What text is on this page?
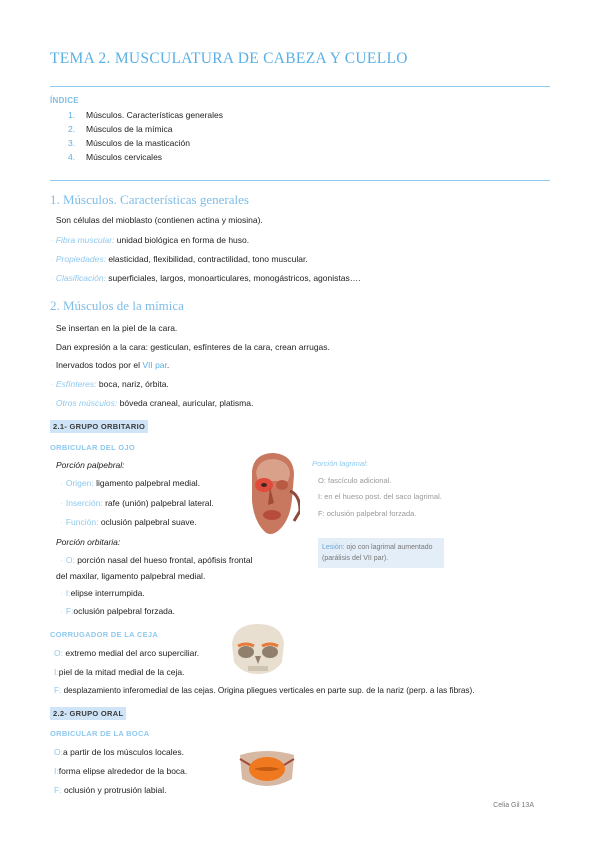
TEMA 2. MUSCULATURA DE CABEZA Y CUELLO
ÍNDICE
1. Músculos. Características generales
2. Músculos de la mímica
3. Músculos de la masticación
4. Músculos cervicales
1. Músculos. Características generales
· Son células del mioblasto (contienen actina y miosina).
· Fibra muscular: unidad biológica en forma de huso.
· Propiedades: elasticidad, flexibilidad, contractilidad, tono muscular.
· Clasificación: superficiales, largos, monoarticulares, monogástricos, agonistas….
2. Músculos de la mímica
· Se insertan en la piel de la cara.
· Dan expresión a la cara: gesticulan, esfínteres de la cara, crean arrugas.
· Inervados todos por el VII par.
· Esfínteres: boca, nariz, órbita.
· Otros músculos: bóveda craneal, auricular, platisma.
2.1- GRUPO ORBITARIO
ORBICULAR DEL OJO
Porción palpebral:
· Origen: ligamento palpebral medial.
· Inserción: rafe (unión) palpebral lateral.
· Función: oclusión palpebral suave.
Porción orbitaria:
· O: porción nasal del hueso frontal, apófisis frontal
del maxilar, ligamento palpebral medial.
· I:elipse interrumpida.
· F:oclusión palpebral forzada.
Porción lagrimal:
O: fascículo adicional.
I: en el hueso post. del saco lagrimal.
F: oclusión palpebral forzada.
Lesión: ojo con lagrimal aumentado
(parálisis del VII par).
CORRUGADOR DE LA CEJA
O: extremo medial del arco superciliar.
I:piel de la mitad medial de la ceja.
F: desplazamiento inferomedial de las cejas. Origina pliegues verticales en parte sup. de la nariz (perp. a las fibras).
2.2- GRUPO ORAL
ORBICULAR DE LA BOCA
O:a partir de los músculos locales.
I:forma elipse alrededor de la boca.
F: oclusión y protrusión labial.
Celia Gil 13A
